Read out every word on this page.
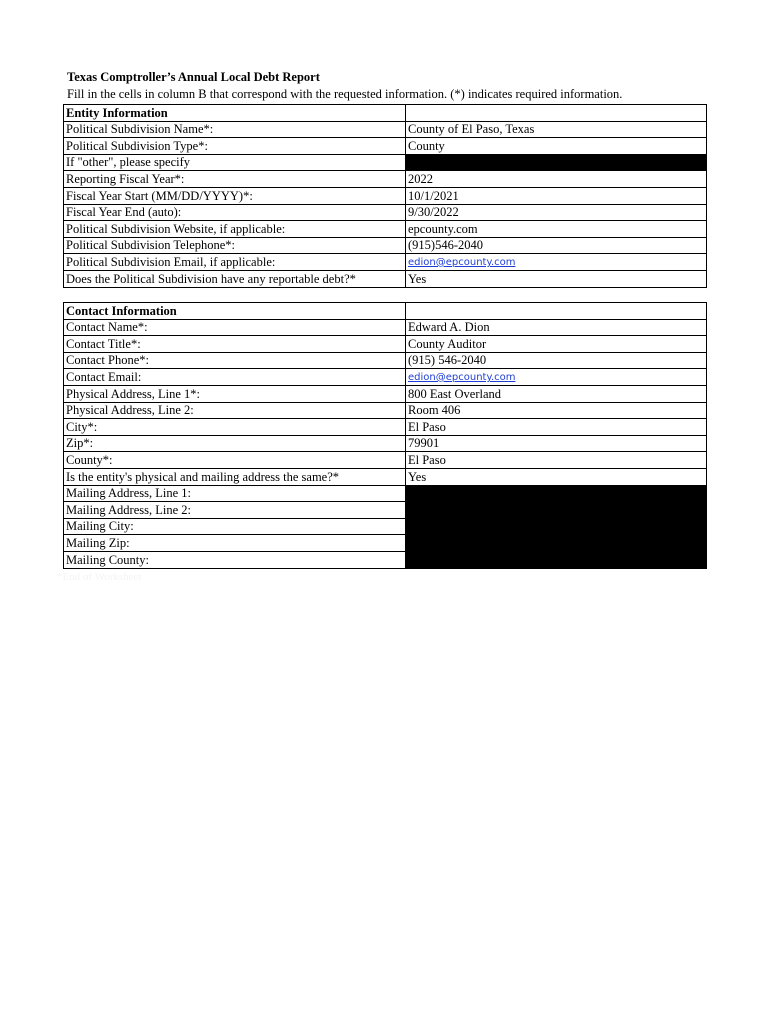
Texas Comptroller’s Annual Local Debt Report
Fill in the cells in column B that correspond with the requested information. (*) indicates required information.
Entity Information	
Political Subdivision Name*:	County of El Paso, Texas
Political Subdivision Type*:	County
If "other", please specify	
Reporting Fiscal Year*:	2022
Fiscal Year Start (MM/DD/YYYY)*:	10/1/2021
Fiscal Year End (auto):	9/30/2022
Political Subdivision Website, if applicable:	epcounty.com
Political Subdivision Telephone*:	(915)546-2040
Political Subdivision Email, if applicable:	edion@epcounty.com
Does the Political Subdivision have any reportable debt?*	Yes
Contact Information	
Contact Name*:	Edward A. Dion
Contact Title*:	County Auditor
Contact Phone*:	(915) 546-2040
Contact Email:	edion@epcounty.com
Physical Address, Line 1*:	800 East Overland
Physical Address, Line 2:	Room 406
City*:	El Paso
Zip*:	79901
County*:	El Paso
Is the entity's physical and mailing address the same?*	Yes
Mailing Address, Line 1:	
Mailing Address, Line 2:	
Mailing City:	
Mailing Zip:	
Mailing County:	
*End of Worksheet
